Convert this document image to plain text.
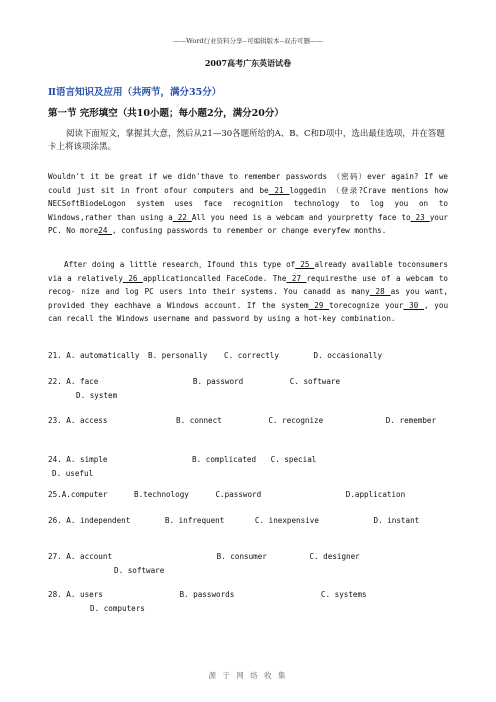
——Word行业资料分享--可编辑版本--双击可删——
2007高考广东英语试卷
Ⅱ语言知识及应用（共两节，满分35分）
第一节 完形填空（共10小题；每小题2分，满分20分）
阅读下面短文，掌握其大意，然后从21—30各题所给的A、B、C和D项中，选出最佳选项，并在答题卡上将该项涂黑。
Wouldn't it be great if we didn'thave to remember passwords （密码）ever again? If we could just sit in front ofour computers and be 21 loggedin （登录?Crave mentions how NECSoftBiodeLogon system uses face recognition technology to log you on to Windows,rather than using a 22 All you need is a webcam and yourpretty face to 23 your PC. No more24 , confusing passwords to remember or change everyfew months.
After doing a little research，Ifound this type of 25 already available toconsumers via a relatively 26 applicationcalled FaceCode. The 27 requiresthe use of a webcam to recog- nize and log PC users into their systems. You canadd as many 28 as you want, provided they eachhave a Windows account. If the system 29 torecognize your 30 , you can recall the Windows username and password by using a hot-key combination.
21. A. automatically B. personally C. correctly	D. occasionally
22. A. face	B. password	C. software
D. system
23. A. access	B. connect	C. recognize	D. remember
24. A. simple	B. complicated C. special
D. useful
25.A.computer	B.technology	C.password	D.application
26. A. independent	B. infrequent	C. inexpensive	D. instant
27. A. account	B. consumer	C. designer
D. software
28. A. users	B. passwords	C. systems
D. computers
源 于 网 络 收 集
